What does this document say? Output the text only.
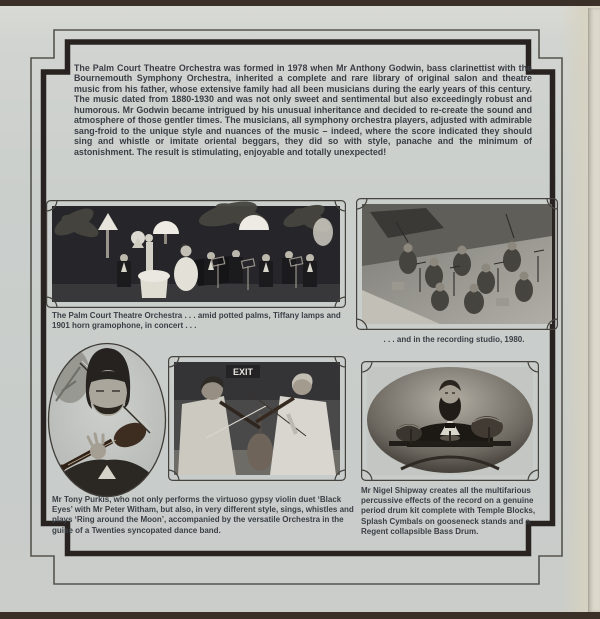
The Palm Court Theatre Orchestra was formed in 1978 when Mr Anthony Godwin, bass clarinettist with the Bournemouth Symphony Orchestra, inherited a complete and rare library of original salon and theatre music from his father, whose extensive family had all been musicians during the early years of this century. The music dated from 1880-1930 and was not only sweet and sentimental but also exceedingly robust and humorous. Mr Godwin became intrigued by his unusual inheritance and decided to re-create the sound and atmosphere of those gentler times. The musicians, all symphony orchestra players, adjusted with admirable sang-froid to the unique style and nuances of the music – indeed, where the score indicated they should sing and whistle or imitate oriental beggars, they did so with style, panache and the minimum of astonishment. The result is stimulating, enjoyable and totally unexpected!
The Palm Court Theatre Orchestra . . . amid potted palms, Tiffany lamps and 1901 horn gramophone, in concert . . .
. . . and in the recording studio, 1980.
EXIT
Mr Tony Purkis, who not only performs the virtuoso gypsy violin duet ‘Black Eyes’ with Mr Peter Witham, but also, in very different style, sings, whistles and plays ‘Ring around the Moon’, accompanied by the versatile Orchestra in the guise of a Twenties syncopated dance band.
Mr Nigel Shipway creates all the multifarious percussive effects of the record on a genuine period drum kit complete with Temple Blocks, Splash Cymbals on gooseneck stands and a Regent collapsible Bass Drum.
